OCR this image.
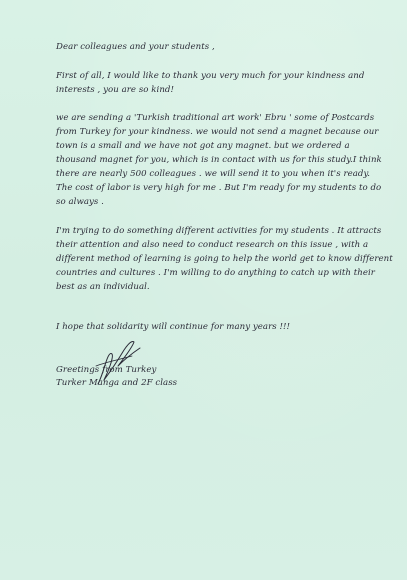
Dear colleagues and your students ,
First of all, I would like to thank you very much for your kindness and
interests , you are so kind!
we are sending a 'Turkish traditional art work' Ebru ' some of Postcards
from Turkey for your kindness. we would not send a magnet because our
town is a small and we have not got any magnet. but we ordered a
thousand magnet for you, which is in contact with us for this study.I think
there are nearly 500 colleagues . we will send it to you when it's ready.
The cost of labor is very high for me . But I'm ready for my students to do
so always .
I'm trying to do something different activities for my students . It attracts
their attention and also need to conduct research on this issue , with a
different method of learning is going to help the world get to know different
countries and cultures . I'm willing to do anything to catch up with their
best as an individual.
I hope that solidarity will continue for many years !!!
Greetings from Turkey
Turker Manga and 2F class
